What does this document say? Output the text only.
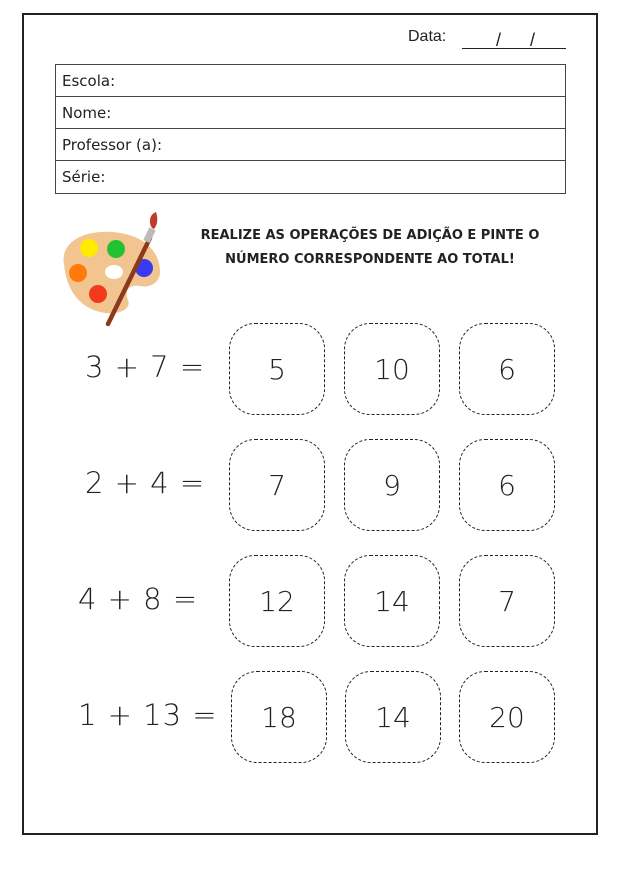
Data:	/ /
Escola:
Nome:
Professor (a):
Série:
REALIZE AS OPERAÇÕES DE ADIÇÃO E PINTE O
NÚMERO CORRESPONDENTE AO TOTAL!
3 + 7 =	5	10	6
2 + 4 =	7	9	6
4 + 8 =	12	14	7
1 + 13 =	18	14	20
